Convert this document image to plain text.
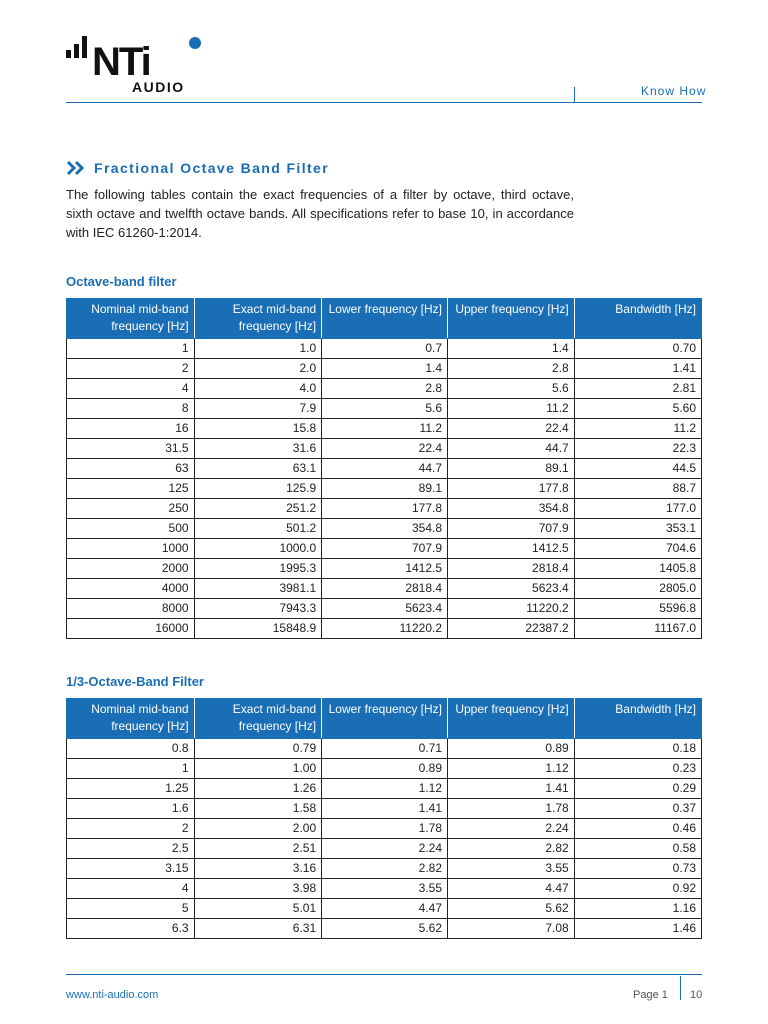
NTi
AUDIO	Know How
Fractional Octave Band Filter
The following tables contain the exact frequencies of a filter by octave, third octave, sixth octave and twelfth octave bands. All specifications refer to base 10, in accordance with IEC 61260-1:2014.
Octave-band filter
Nominal mid-band frequency [Hz]	Exact mid-band frequency [Hz]	Lower frequency [Hz]	Upper frequency [Hz]	Bandwidth [Hz]
1	1.0	0.7	1.4	0.70
2	2.0	1.4	2.8	1.41
4	4.0	2.8	5.6	2.81
8	7.9	5.6	11.2	5.60
16	15.8	11.2	22.4	11.2
31.5	31.6	22.4	44.7	22.3
63	63.1	44.7	89.1	44.5
125	125.9	89.1	177.8	88.7
250	251.2	177.8	354.8	177.0
500	501.2	354.8	707.9	353.1
1000	1000.0	707.9	1412.5	704.6
2000	1995.3	1412.5	2818.4	1405.8
4000	3981.1	2818.4	5623.4	2805.0
8000	7943.3	5623.4	11220.2	5596.8
16000	15848.9	11220.2	22387.2	11167.0
1/3-Octave-Band Filter
Nominal mid-band frequency [Hz]	Exact mid-band frequency [Hz]	Lower frequency [Hz]	Upper frequency [Hz]	Bandwidth [Hz]
0.8	0.79	0.71	0.89	0.18
1	1.00	0.89	1.12	0.23
1.25	1.26	1.12	1.41	0.29
1.6	1.58	1.41	1.78	0.37
2	2.00	1.78	2.24	0.46
2.5	2.51	2.24	2.82	0.58
3.15	3.16	2.82	3.55	0.73
4	3.98	3.55	4.47	0.92
5	5.01	4.47	5.62	1.16
6.3	6.31	5.62	7.08	1.46
www.nti-audio.com	Page 1 10
